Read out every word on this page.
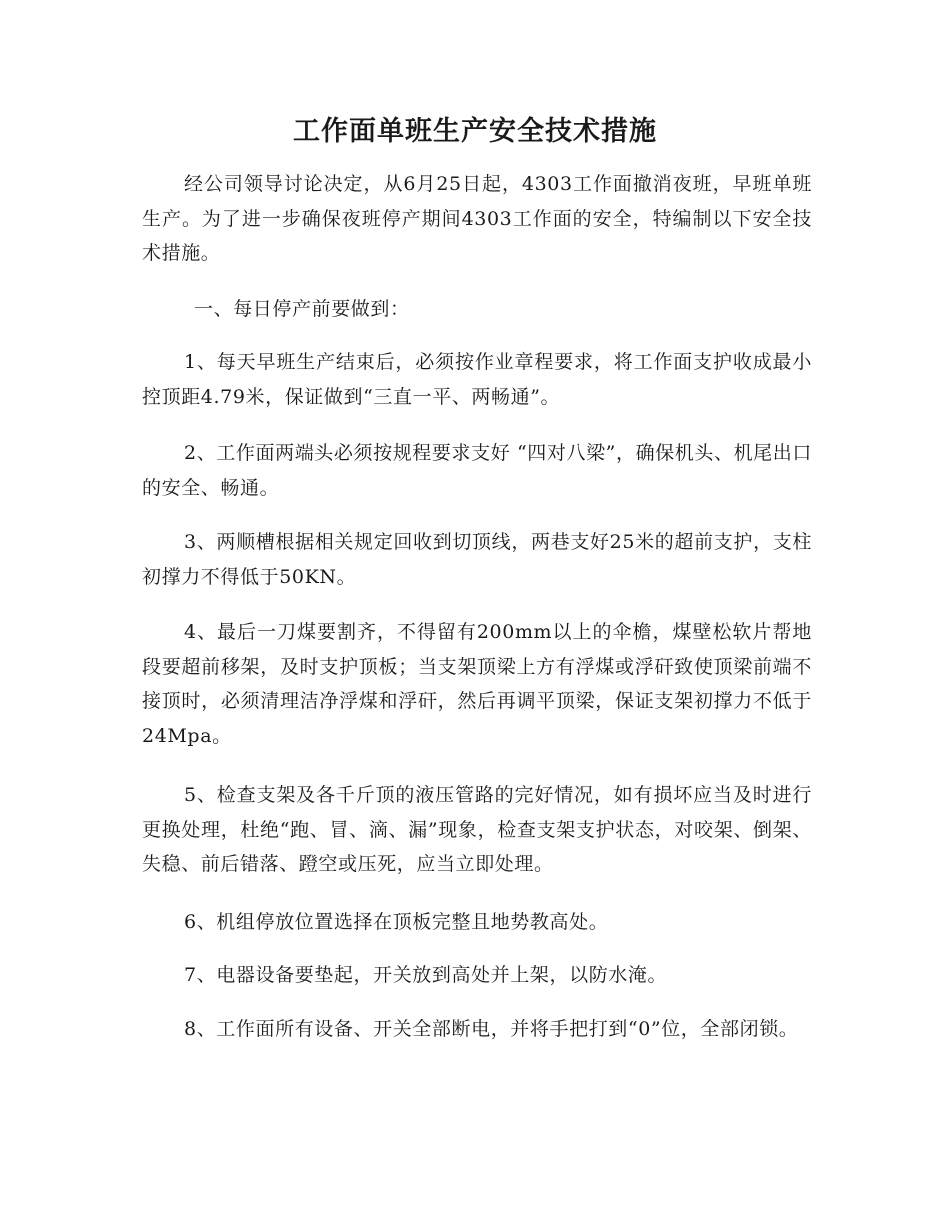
工作面单班生产安全技术措施

经公司领导讨论决定，从6月25日起，4303工作面撤消夜班，早班单班生产。为了进一步确保夜班停产期间4303工作面的安全，特编制以下安全技术措施。

一、每日停产前要做到：

1、每天早班生产结束后，必须按作业章程要求，将工作面支护收成最小控顶距4.79米，保证做到“三直一平、两畅通”。

2、工作面两端头必须按规程要求支好 “四对八梁”，确保机头、机尾出口的安全、畅通。

3、两顺槽根据相关规定回收到切顶线，两巷支好25米的超前支护，支柱初撑力不得低于50KN。

4、最后一刀煤要割齐，不得留有200mm以上的伞檐，煤壁松软片帮地段要超前移架，及时支护顶板；当支架顶梁上方有浮煤或浮矸致使顶梁前端不接顶时，必须清理洁净浮煤和浮矸，然后再调平顶梁，保证支架初撑力不低于24Mpa。

5、检查支架及各千斤顶的液压管路的完好情况，如有损坏应当及时进行更换处理，杜绝“跑、冒、滴、漏”现象，检查支架支护状态，对咬架、倒架、失稳、前后错落、蹬空或压死，应当立即处理。

6、机组停放位置选择在顶板完整且地势教高处。

7、电器设备要垫起，开关放到高处并上架，以防水淹。

8、工作面所有设备、开关全部断电，并将手把打到“0”位，全部闭锁。
